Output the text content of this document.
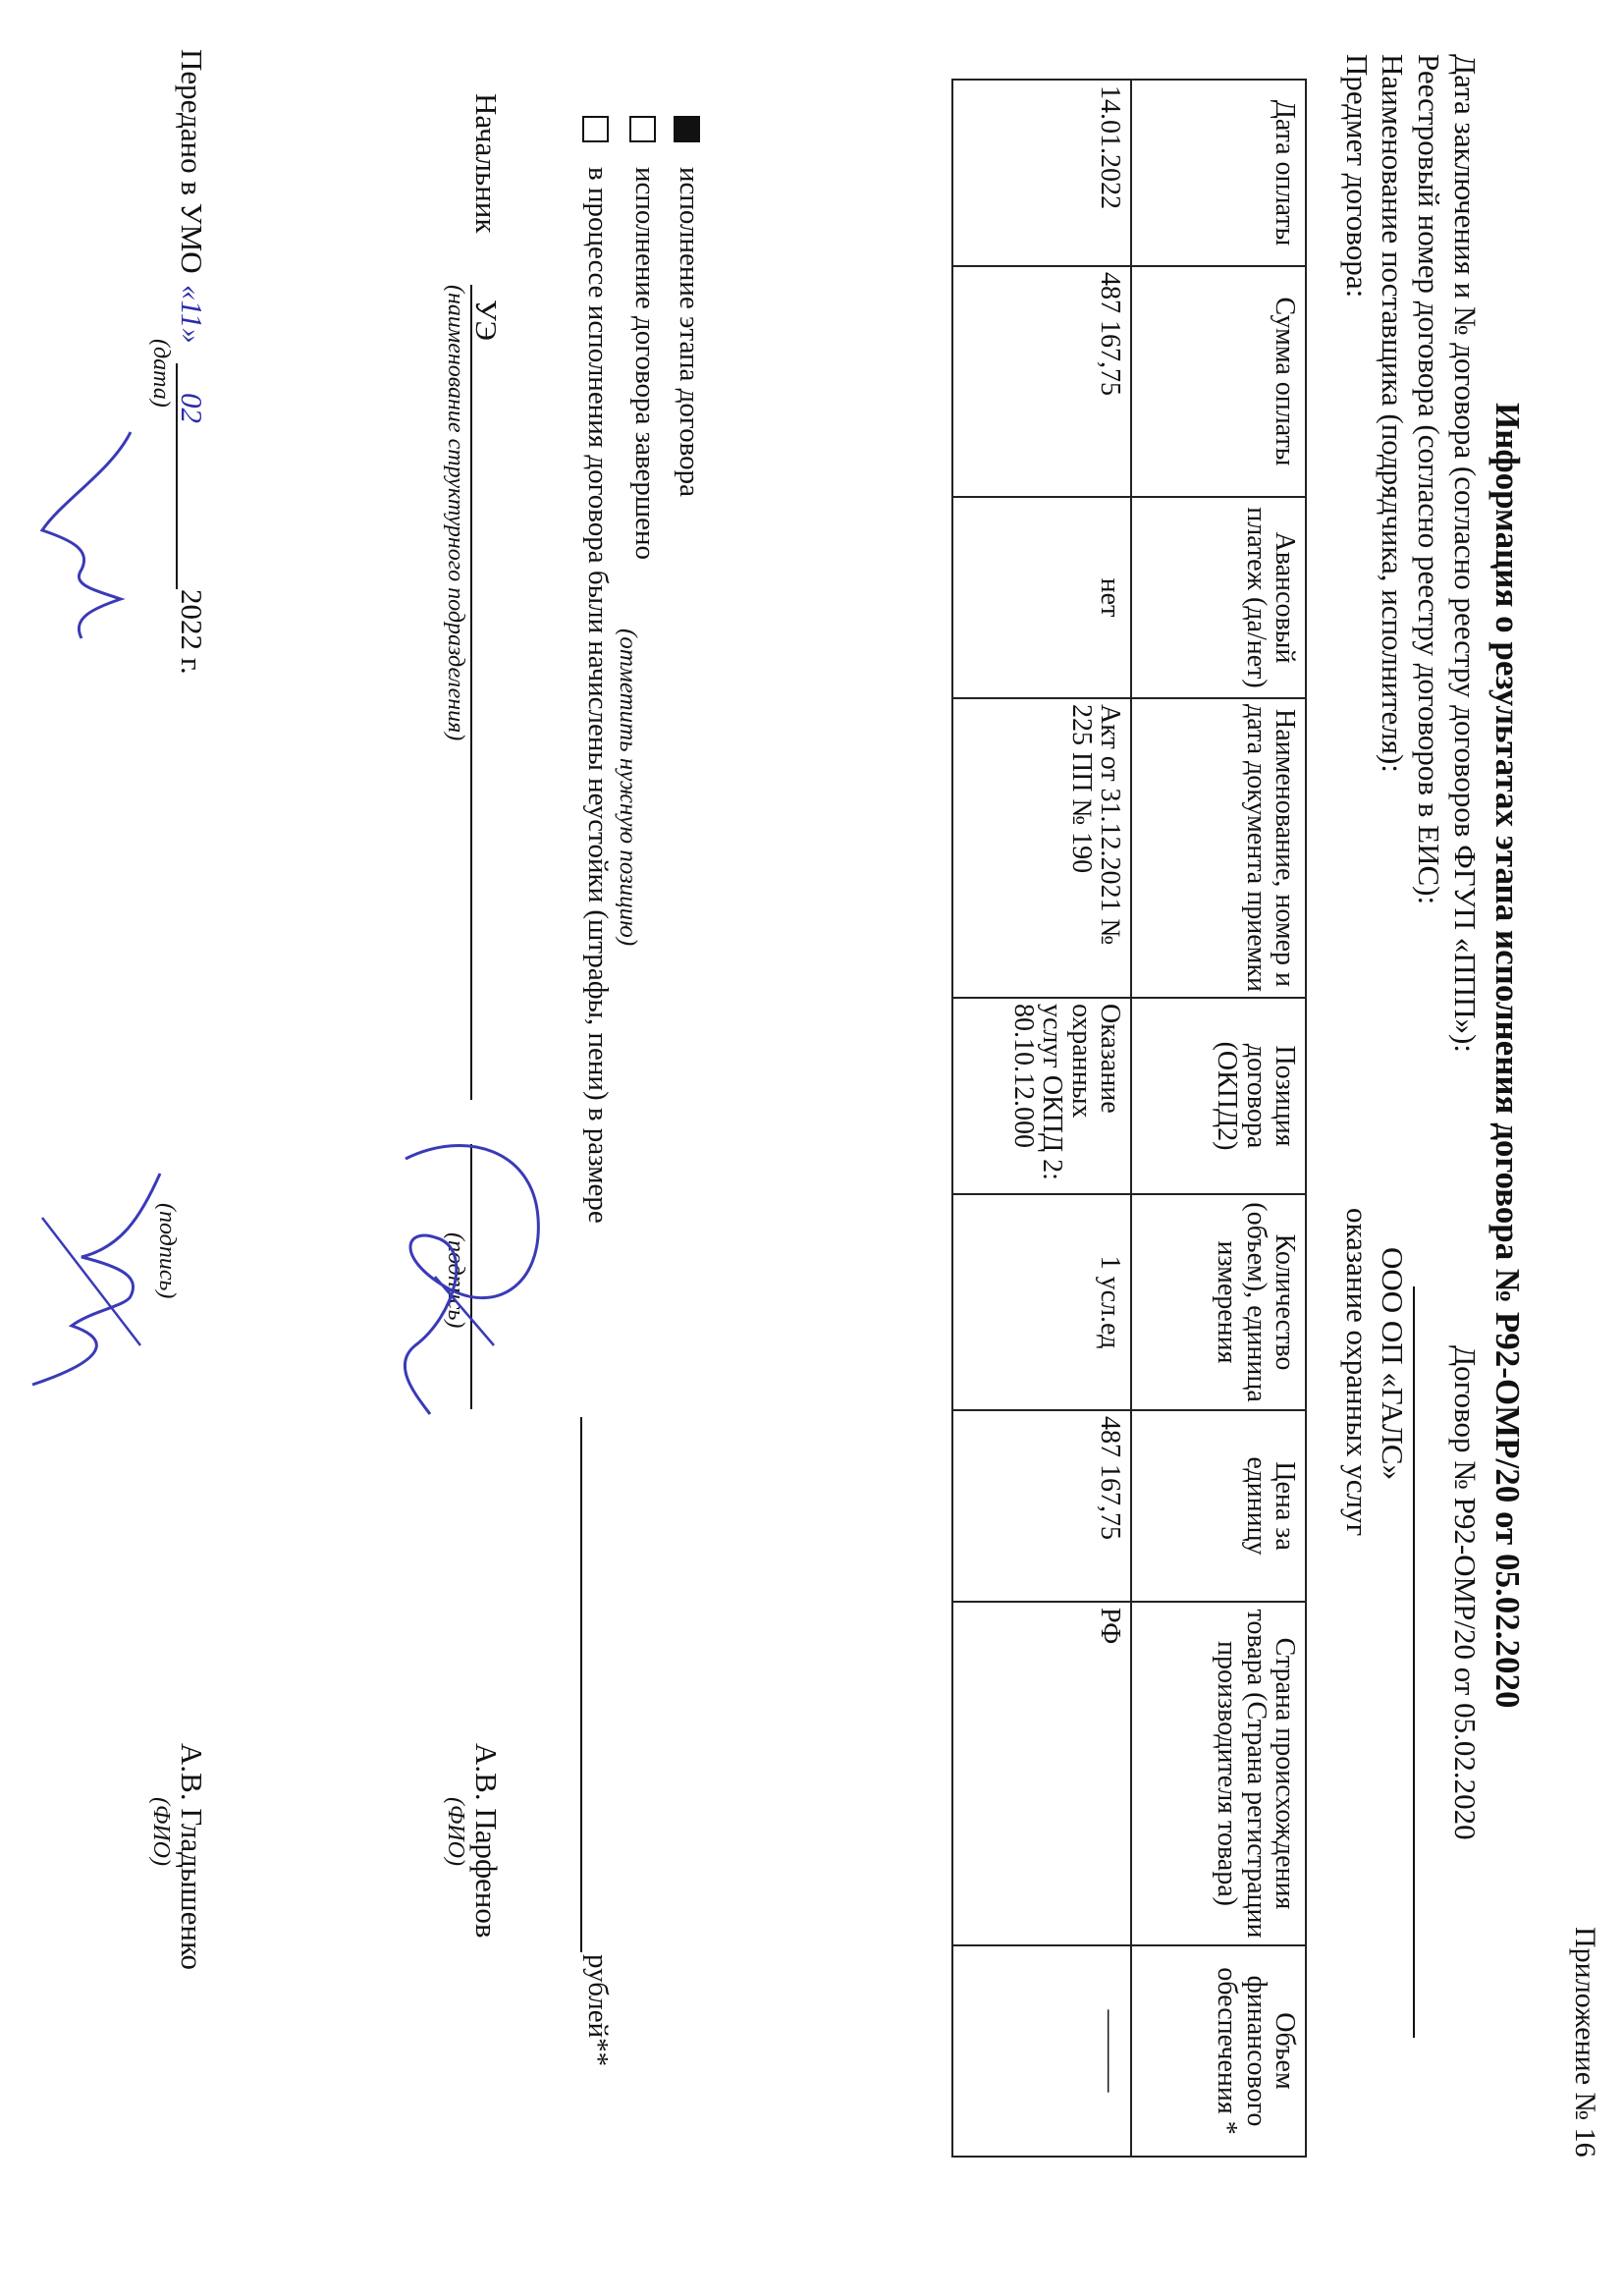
Приложение № 16
Информация о результатах этапа исполнения договора № Р92-ОМР/20 от 05.02.2020
Дата заключения и № договора (согласно реестру договоров ФГУП «ППП»):
Договор № Р92-ОМР/20 от 05.02.2020
Реестровый номер договора (согласно реестру договоров в ЕИС):
Наименование поставщика (подрядчика, исполнителя):
ООО ОП «ГАЛС»
Предмет договора:
оказание охранных услуг
Дата оплаты	Сумма оплаты	Авансовый платеж (да/нет)	Наименование, номер и дата документа приемки	Позиция договора (ОКПД2)	Количество (объем), единица измерения	Цена за единицу	Страна происхождения товара (Страна регистрации производителя товара)	Объем финансового обеспечения *
14.01.2022	487 167,75	нет	Акт от 31.12.2021 № 225 ПП № 190	Оказание охранных услуг ОКПД 2: 80.10.12.000	1 усл.ед	487 167,75	РФ	———
исполнение этапа договора
исполнение договора завершено
(отметить нужную позицию)
в процессе исполнения договора были начислены неустойки (штрафы, пени) в размере
рублей**
Начальник
УЭ
(наименование структурного подразделения)
(подпись)
А.В. Парфенов
(ФИО)
Передано в УМО
«11»
02
2022 г.
(дата)
(подпись)
А.В. Гладышенко
(ФИО)
